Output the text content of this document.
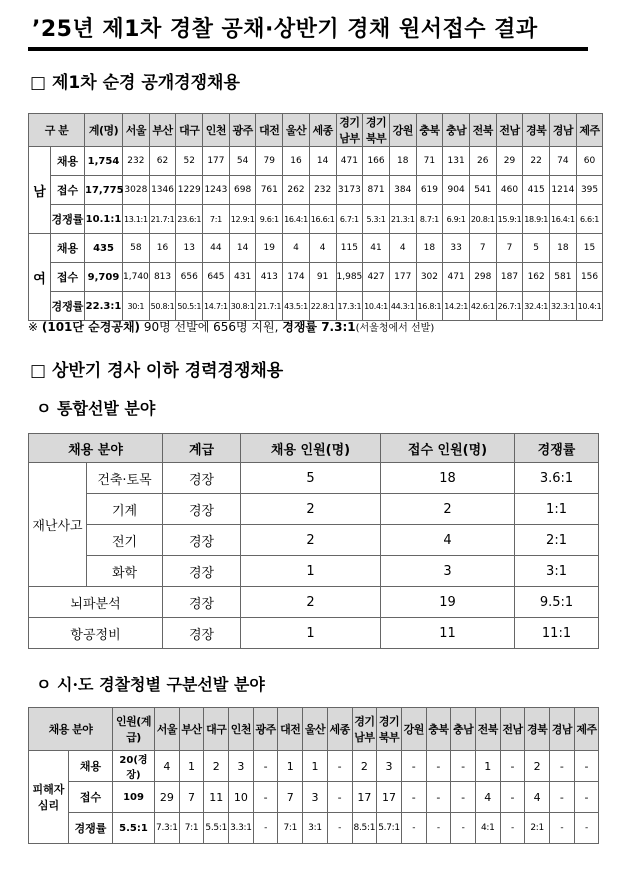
’25년 제1차 경찰 공채·상반기 경채 원서접수 결과
□ 제1차 순경 공개경쟁채용
구 분		계(명)	서울	부산	대구	인천	광주	대전	울산	세종	경기남부	경기북부	강원	충북	충남	전북	전남	경북	경남	제주
남	채용	1,754	232	62	52	177	54	79	16	14	471	166	18	71	131	26	29	22	74	60
	접수	17,775	3028	1346	1229	1243	698	761	262	232	3173	871	384	619	904	541	460	415	1214	395
	경쟁률	10.1:1	13.1:1	21.7:1	23.6:1	7:1	12.9:1	9.6:1	16.4:1	16.6:1	6.7:1	5.3:1	21.3:1	8.7:1	6.9:1	20.8:1	15.9:1	18.9:1	16.4:1	6.6:1
여	채용	435	58	16	13	44	14	19	4	4	115	41	4	18	33	7	7	5	18	15
	접수	9,709	1,740	813	656	645	431	413	174	91	1,985	427	177	302	471	298	187	162	581	156
	경쟁률	22.3:1	30:1	50.8:1	50.5:1	14.7:1	30.8:1	21.7:1	43.5:1	22.8:1	17.3:1	10.4:1	44.3:1	16.8:1	14.2:1	42.6:1	26.7:1	32.4:1	32.3:1	10.4:1
※ (101단 순경공채) 90명 선발에 656명 지원, 경쟁률 7.3:1(서울청에서 선발)
□ 상반기 경사 이하 경력경쟁채용
ㅇ 통합선발 분야
채용 분야		계급	채용 인원(명)	접수 인원(명)	경쟁률
재난사고	건축·토목	경장	5	18	3.6:1
	기계	경장	2	2	1:1
	전기	경장	2	4	2:1
	화학	경장	1	3	3:1
뇌파분석		경장	2	19	9.5:1
항공정비		경장	1	11	11:1
ㅇ 시·도 경찰청별 구분선발 분야
채용 분야		인원(계급)	서울	부산	대구	인천	광주	대전	울산	세종	경기남부	경기북부	강원	충북	충남	전북	전남	경북	경남	제주
피해자심리	채용	20(경장)	4	1	2	3	-	1	1	-	2	3	-	-	-	1	-	2	-	-
	접수	109	29	7	11	10	-	7	3	-	17	17	-	-	-	4	-	4	-	-
	경쟁률	5.5:1	7.3:1	7:1	5.5:1	3.3:1	-	7:1	3:1	-	8.5:1	5.7:1	-	-	-	4:1	-	2:1	-	-
